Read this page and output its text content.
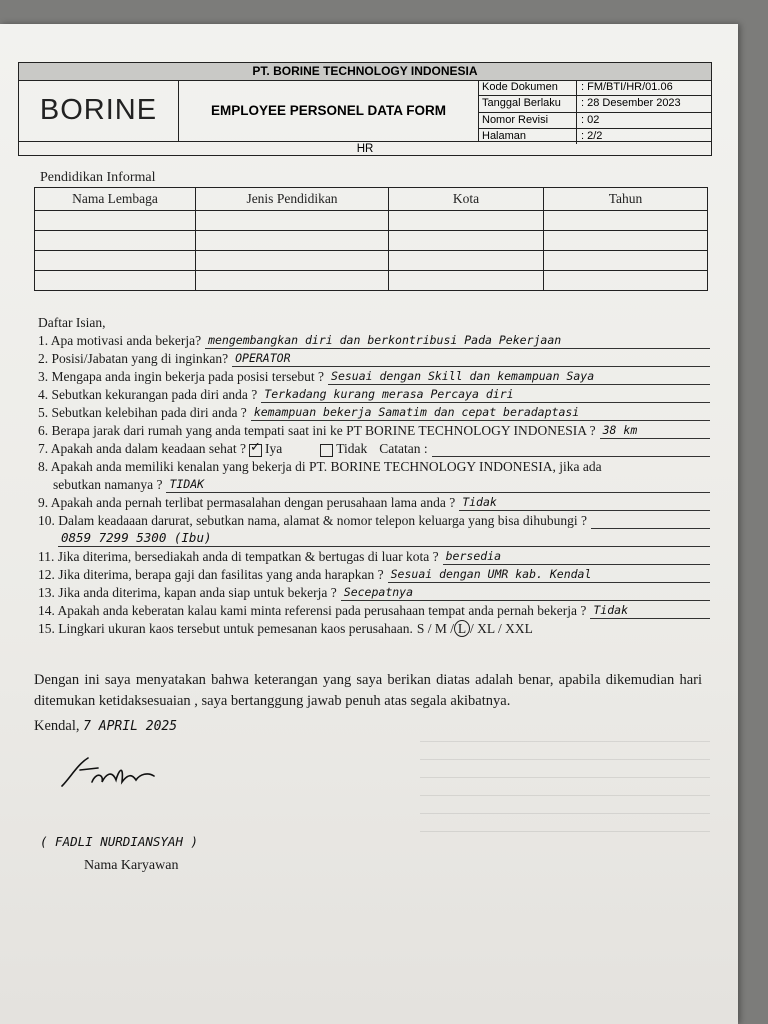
PT. BORINE TECHNOLOGY INDONESIA
BORINE	EMPLOYEE PERSONEL DATA FORM
Kode Dokumen	: FM/BTI/HR/01.06
Tanggal Berlaku	: 28 Desember 2023
Nomor Revisi	: 02
Halaman	: 2/2
HR
Pendidikan Informal
Nama Lembaga	Jenis Pendidikan	Kota	Tahun

Daftar Isian,
1. Apa motivasi anda bekerja? mengembangkan diri dan berkontribusi Pada Pekerjaan
2. Posisi/Jabatan yang di inginkan? OPERATOR
3. Mengapa anda ingin bekerja pada posisi tersebut ? Sesuai dengan Skill dan kemampuan Saya
4. Sebutkan kekurangan pada diri anda ? Terkadang kurang merasa Percaya diri
5. Sebutkan kelebihan pada diri anda ? kemampuan bekerja Samatim dan cepat beradaptasi
6. Berapa jarak dari rumah yang anda tempati saat ini ke PT BORINE TECHNOLOGY INDONESIA ? 38 km
7. Apakah anda dalam keadaan sehat ? ✓ Iya	Tidak Catatan :
8. Apakah anda memiliki kenalan yang bekerja di PT. BORINE TECHNOLOGY INDONESIA, jika ada
sebutkan namanya ? TIDAK
9. Apakah anda pernah terlibat permasalahan dengan perusahaan lama anda ? Tidak
10. Dalam keadaaan darurat, sebutkan nama, alamat & nomor telepon keluarga yang bisa dihubungi ?
0859 7299 5300 (Ibu)
11. Jika diterima, bersediakah anda di tempatkan & bertugas di luar kota ? bersedia
12. Jika diterima, berapa gaji dan fasilitas yang anda harapkan ? Sesuai dengan UMR kab. Kendal
13. Jika anda diterima, kapan anda siap untuk bekerja ? Secepatnya
14. Apakah anda keberatan kalau kami minta referensi pada perusahaan tempat anda pernah bekerja ? Tidak
15. Lingkari ukuran kaos tersebut untuk pemesanan kaos perusahaan. S / M / L / XL / XXL
Dengan ini saya menyatakan bahwa keterangan yang saya berikan diatas adalah benar, apabila dikemudian hari ditemukan ketidaksesuaian , saya bertanggung jawab penuh atas segala akibatnya.
Kendal, 7 APRIL 2025
( FADLI NURDIANSYAH )
Nama Karyawan
